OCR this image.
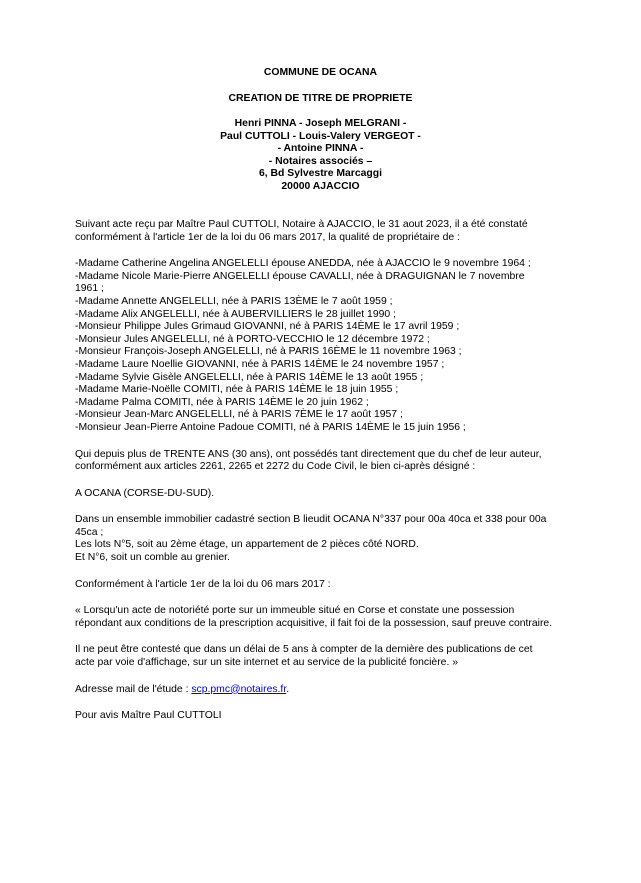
COMMUNE DE OCANA
CREATION DE TITRE DE PROPRIETE
Henri PINNA - Joseph MELGRANI -
Paul CUTTOLI - Louis-Valery VERGEOT -
- Antoine PINNA -
- Notaires associés –
6, Bd Sylvestre Marcaggi
20000 AJACCIO

Suivant acte reçu par Maître Paul CUTTOLI, Notaire à AJACCIO, le 31 aout 2023, il a été constaté conformément à l'article 1er de la loi du 06 mars 2017, la qualité de propriétaire de :

-Madame Catherine Angelina ANGELELLI épouse ANEDDA, née à AJACCIO le 9 novembre 1964 ;
-Madame Nicole Marie-Pierre ANGELELLI épouse CAVALLI, née à DRAGUIGNAN le 7 novembre
1961 ;
-Madame Annette ANGELELLI, née à PARIS 13ÈME le 7 août 1959 ;
-Madame Alix ANGELELLI, née à AUBERVILLIERS le 28 juillet 1990 ;
-Monsieur Philippe Jules Grimaud GIOVANNI, né à PARIS 14ÈME le 17 avril 1959 ;
-Monsieur Jules ANGELELLI, né à PORTO-VECCHIO le 12 décembre 1972 ;
-Monsieur François-Joseph ANGELELLI, né à PARIS 16ÈME le 11 novembre 1963 ;
-Madame Laure Noellie GIOVANNI, née à PARIS 14ÈME le 24 novembre 1957 ;
-Madame Sylvie Gisèle ANGELELLI, née à PARIS 14ÈME le 13 août 1955 ;
-Madame Marie-Noëlle COMITI, née à PARIS 14ÈME le 18 juin 1955 ;
-Madame Palma COMITI, née à PARIS 14ÈME le 20 juin 1962 ;
-Monsieur Jean-Marc ANGELELLI, né à PARIS 7ÈME le 17 août 1957 ;
-Monsieur Jean-Pierre Antoine Padoue COMITI, né à PARIS 14ÈME le 15 juin 1956 ;

Qui depuis plus de TRENTE ANS (30 ans), ont possédés tant directement que du chef de leur auteur, conformément aux articles 2261, 2265 et 2272 du Code Civil, le bien ci-après désigné :

A OCANA (CORSE-DU-SUD).

Dans un ensemble immobilier cadastré section B lieudit OCANA N°337 pour 00a 40ca et 338 pour 00a 45ca ;

Les lots N°5, soit au 2ème étage, un appartement de 2 pièces côté NORD.

Et N°6, soit un comble au grenier.

Conformément à l'article 1er de la loi du 06 mars 2017 :

« Lorsqu'un acte de notoriété porte sur un immeuble situé en Corse et constate une possession répondant aux conditions de la prescription acquisitive, il fait foi de la possession, sauf preuve contraire.

Il ne peut être contesté que dans un délai de 5 ans à compter de la dernière des publications de cet acte par voie d'affichage, sur un site internet et au service de la publicité foncière. »

Adresse mail de l'étude : scp.pmc@notaires.fr.

Pour avis Maître Paul CUTTOLI
